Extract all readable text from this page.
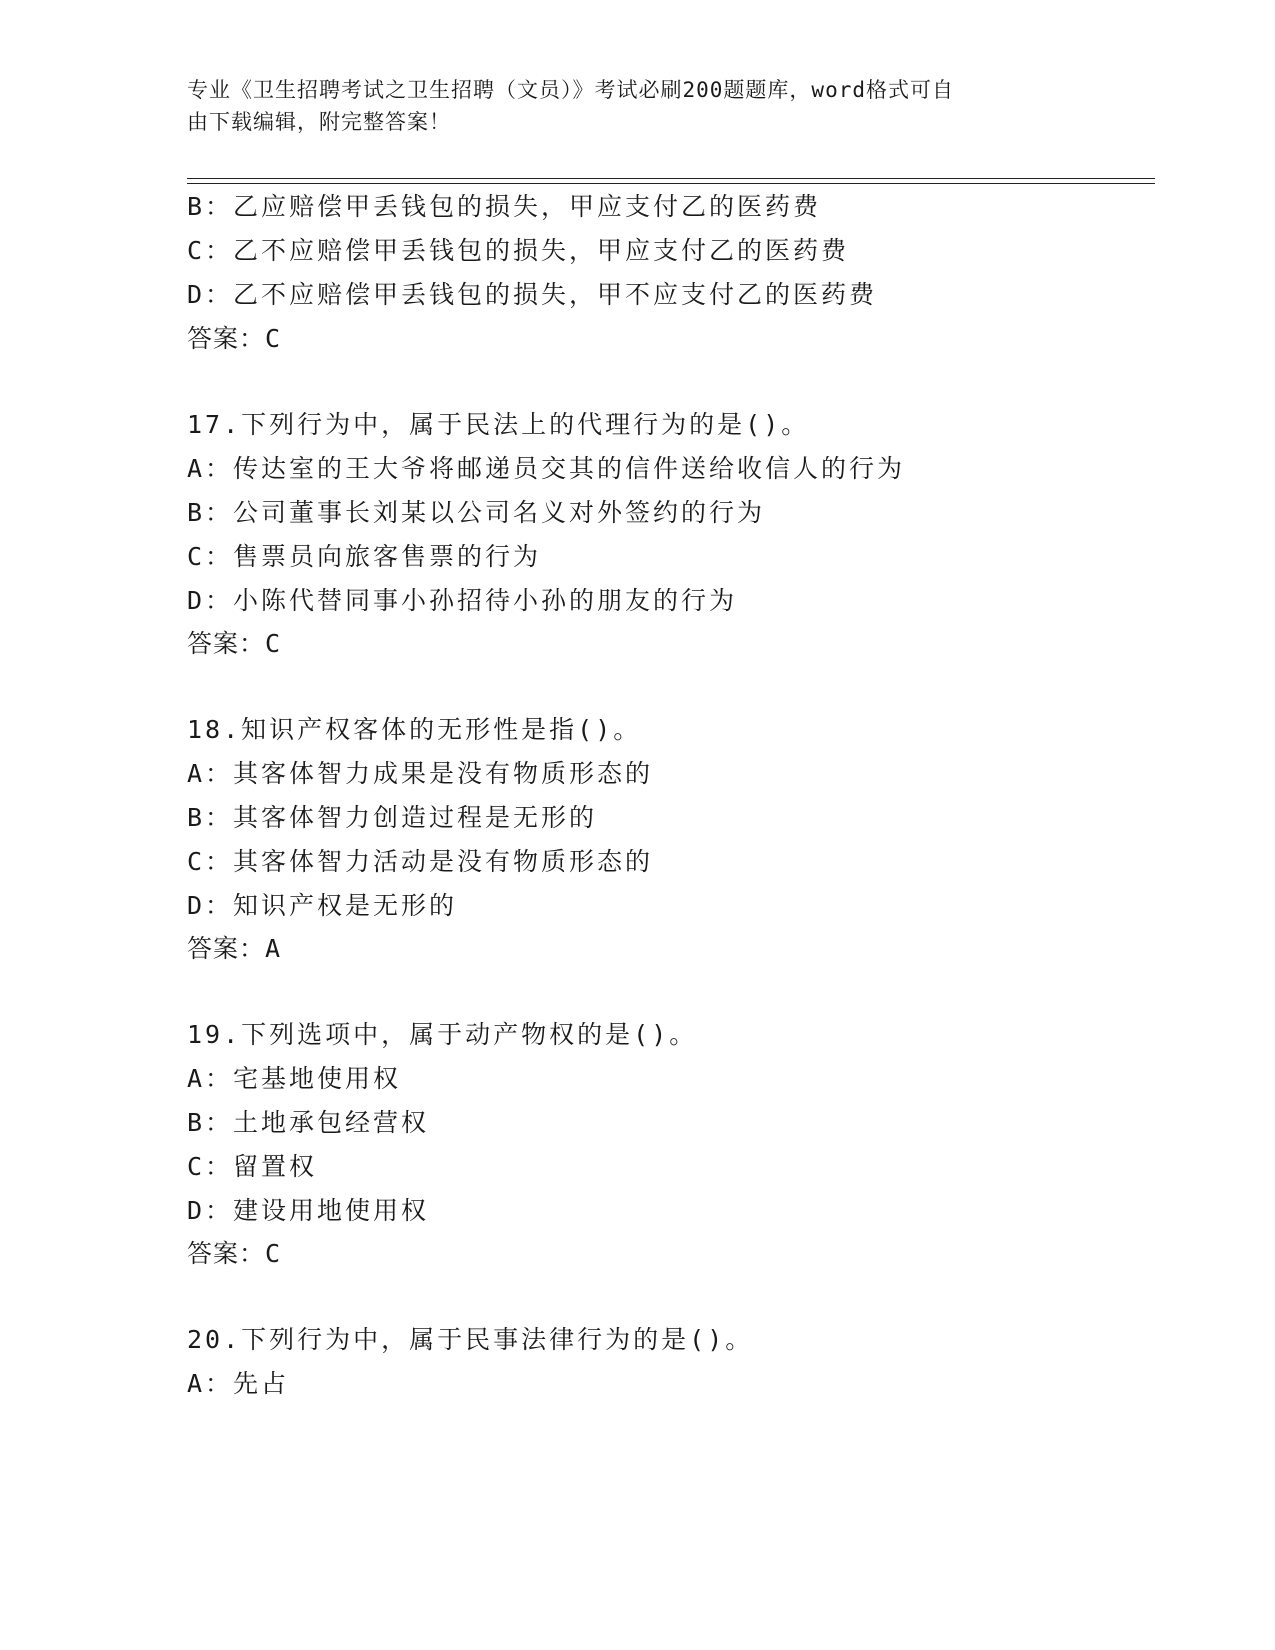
专业《卫生招聘考试之卫生招聘（文员）》考试必刷200题题库，word格式可自
由下载编辑，附完整答案！
B：乙应赔偿甲丢钱包的损失，甲应支付乙的医药费
C：乙不应赔偿甲丢钱包的损失，甲应支付乙的医药费
D：乙不应赔偿甲丢钱包的损失，甲不应支付乙的医药费
答案：C
17.下列行为中，属于民法上的代理行为的是()。
A：传达室的王大爷将邮递员交其的信件送给收信人的行为
B：公司董事长刘某以公司名义对外签约的行为
C：售票员向旅客售票的行为
D：小陈代替同事小孙招待小孙的朋友的行为
答案：C
18.知识产权客体的无形性是指()。
A：其客体智力成果是没有物质形态的
B：其客体智力创造过程是无形的
C：其客体智力活动是没有物质形态的
D：知识产权是无形的
答案：A
19.下列选项中，属于动产物权的是()。
A：宅基地使用权
B：土地承包经营权
C：留置权
D：建设用地使用权
答案：C
20.下列行为中，属于民事法律行为的是()。
A：先占
